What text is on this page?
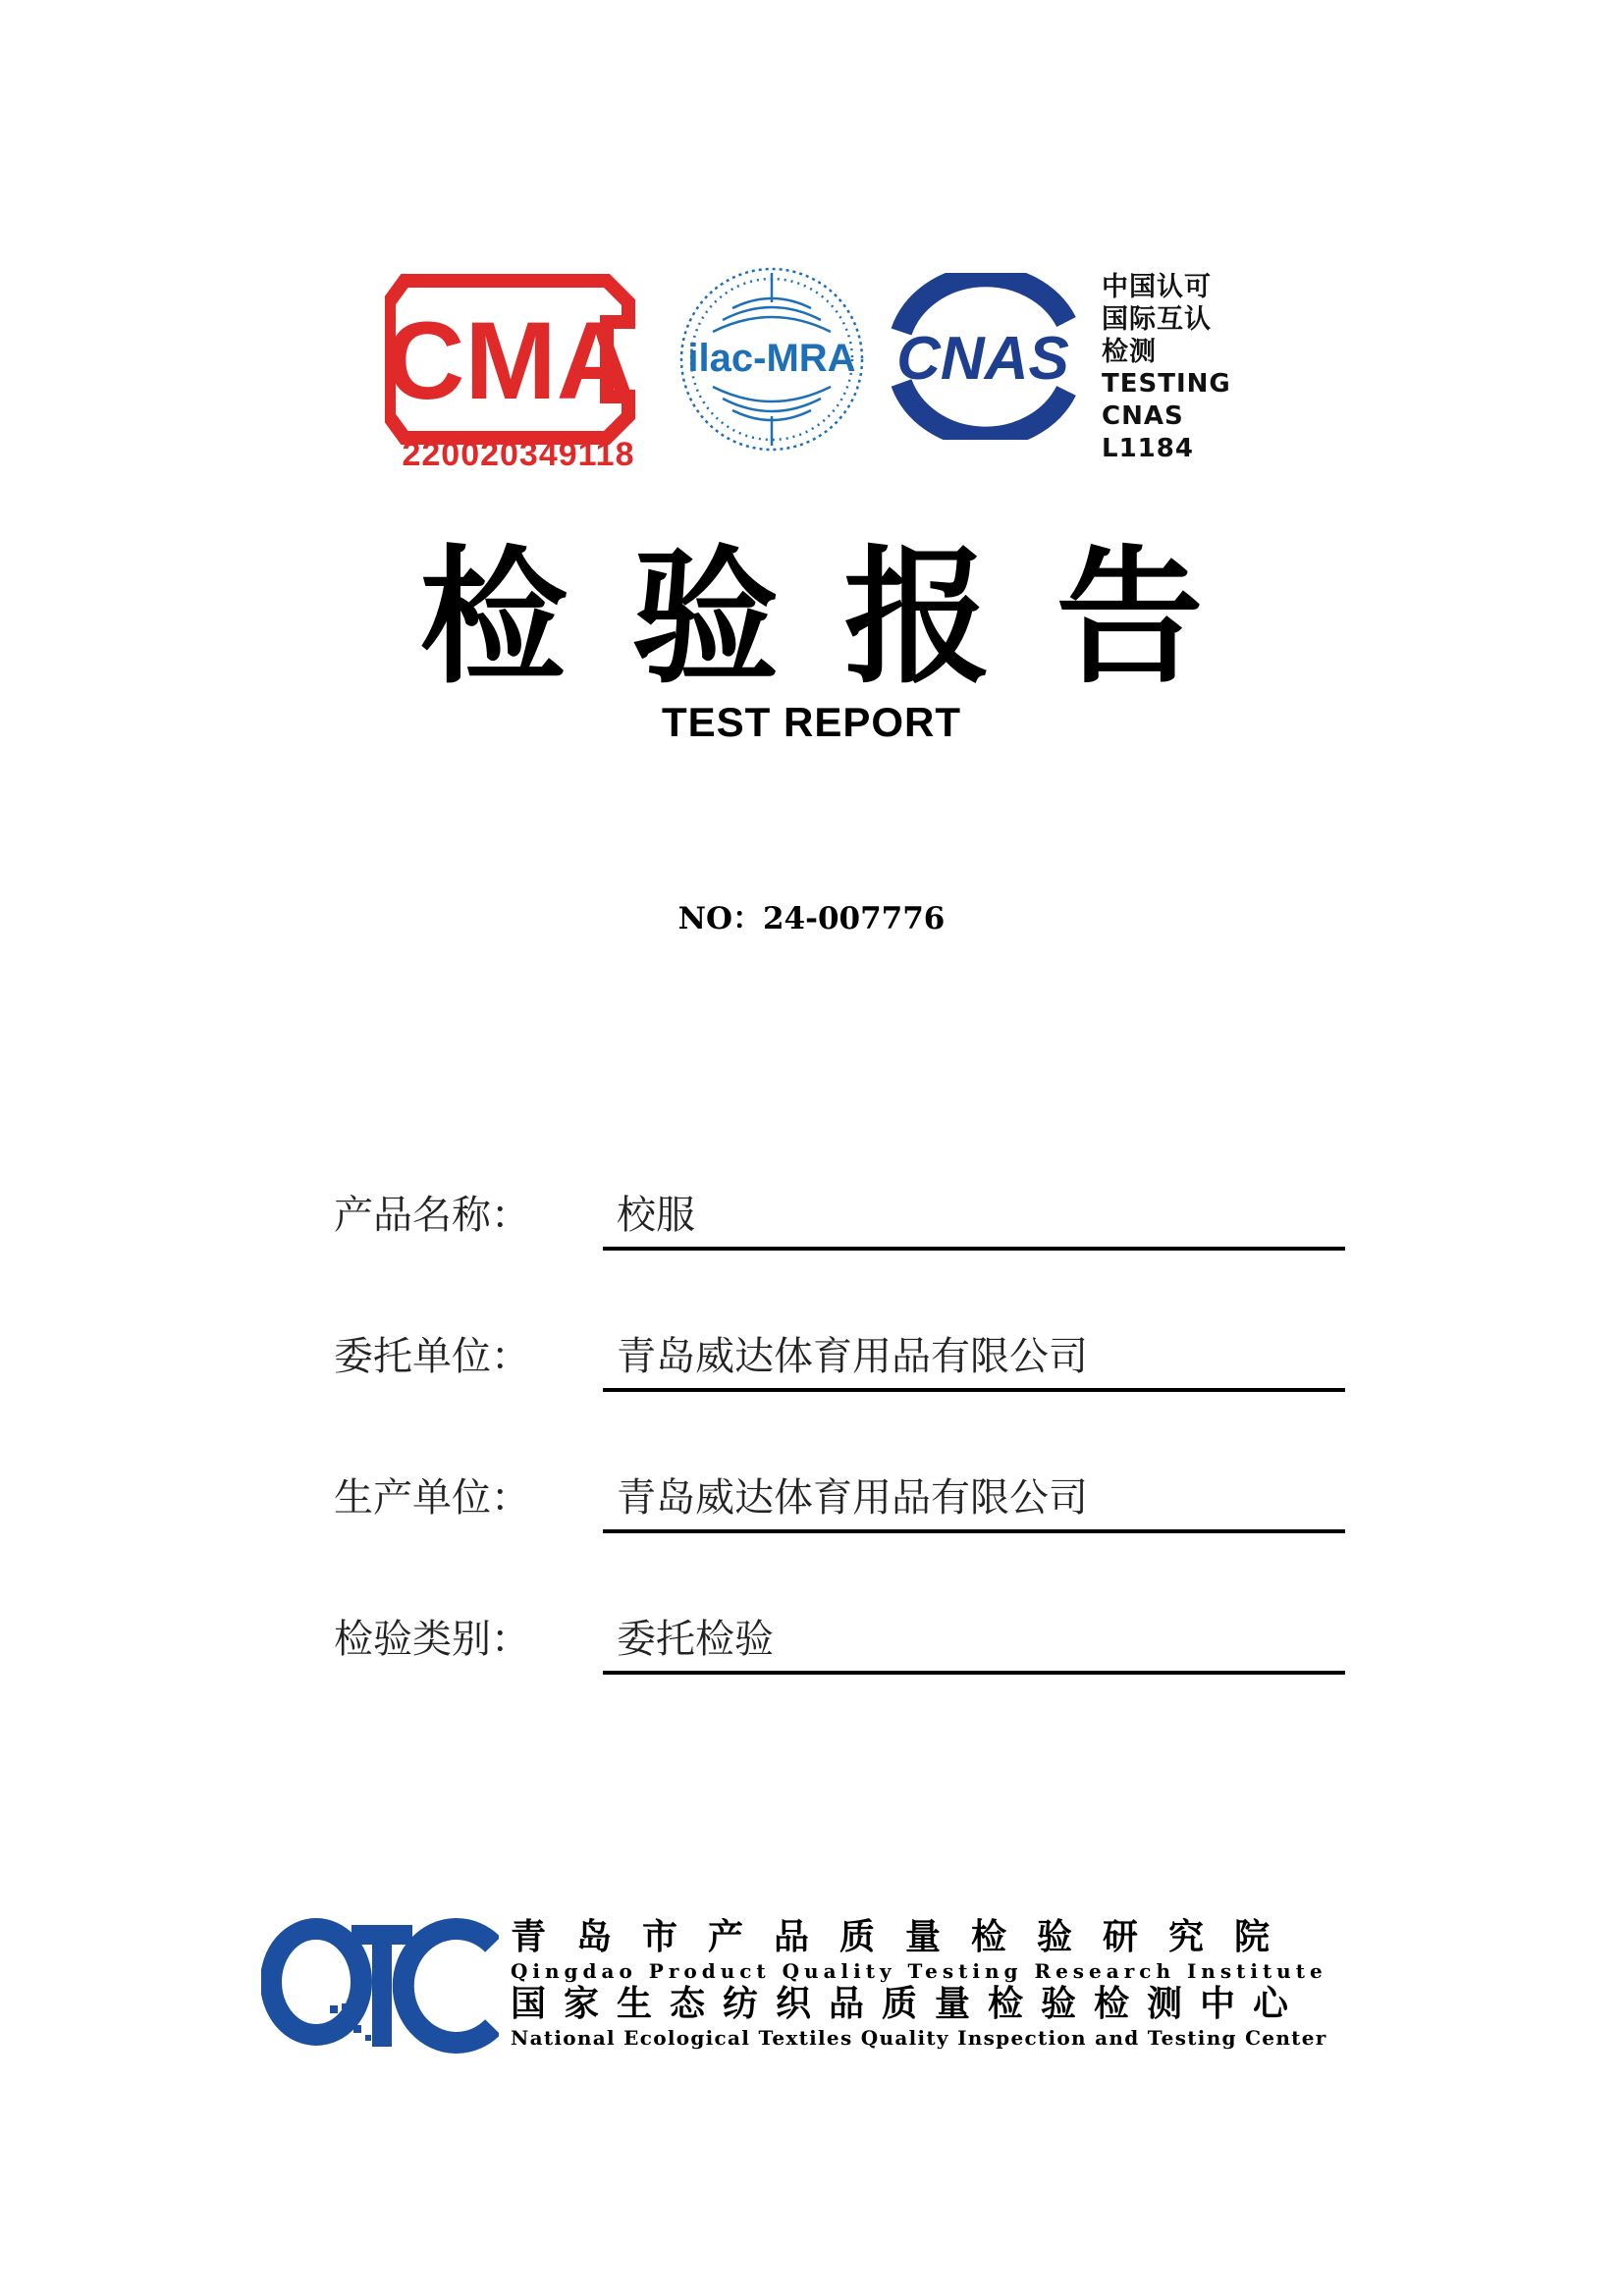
CMA
220020349118
ilac-MRA CNAS
中国认可
国际互认
检测
TESTING
CNAS L1184
检验报告
TEST REPORT
NO：24-007776
产品名称： 校服
委托单位： 青岛威达体育用品有限公司
生产单位： 青岛威达体育用品有限公司
检验类别： 委托检验
QTC
青岛市产品质量检验研究院
Qingdao Product Quality Testing Research Institute
国家生态纺织品质量检验检测中心
National Ecological Textiles Quality Inspection and Testing Center
